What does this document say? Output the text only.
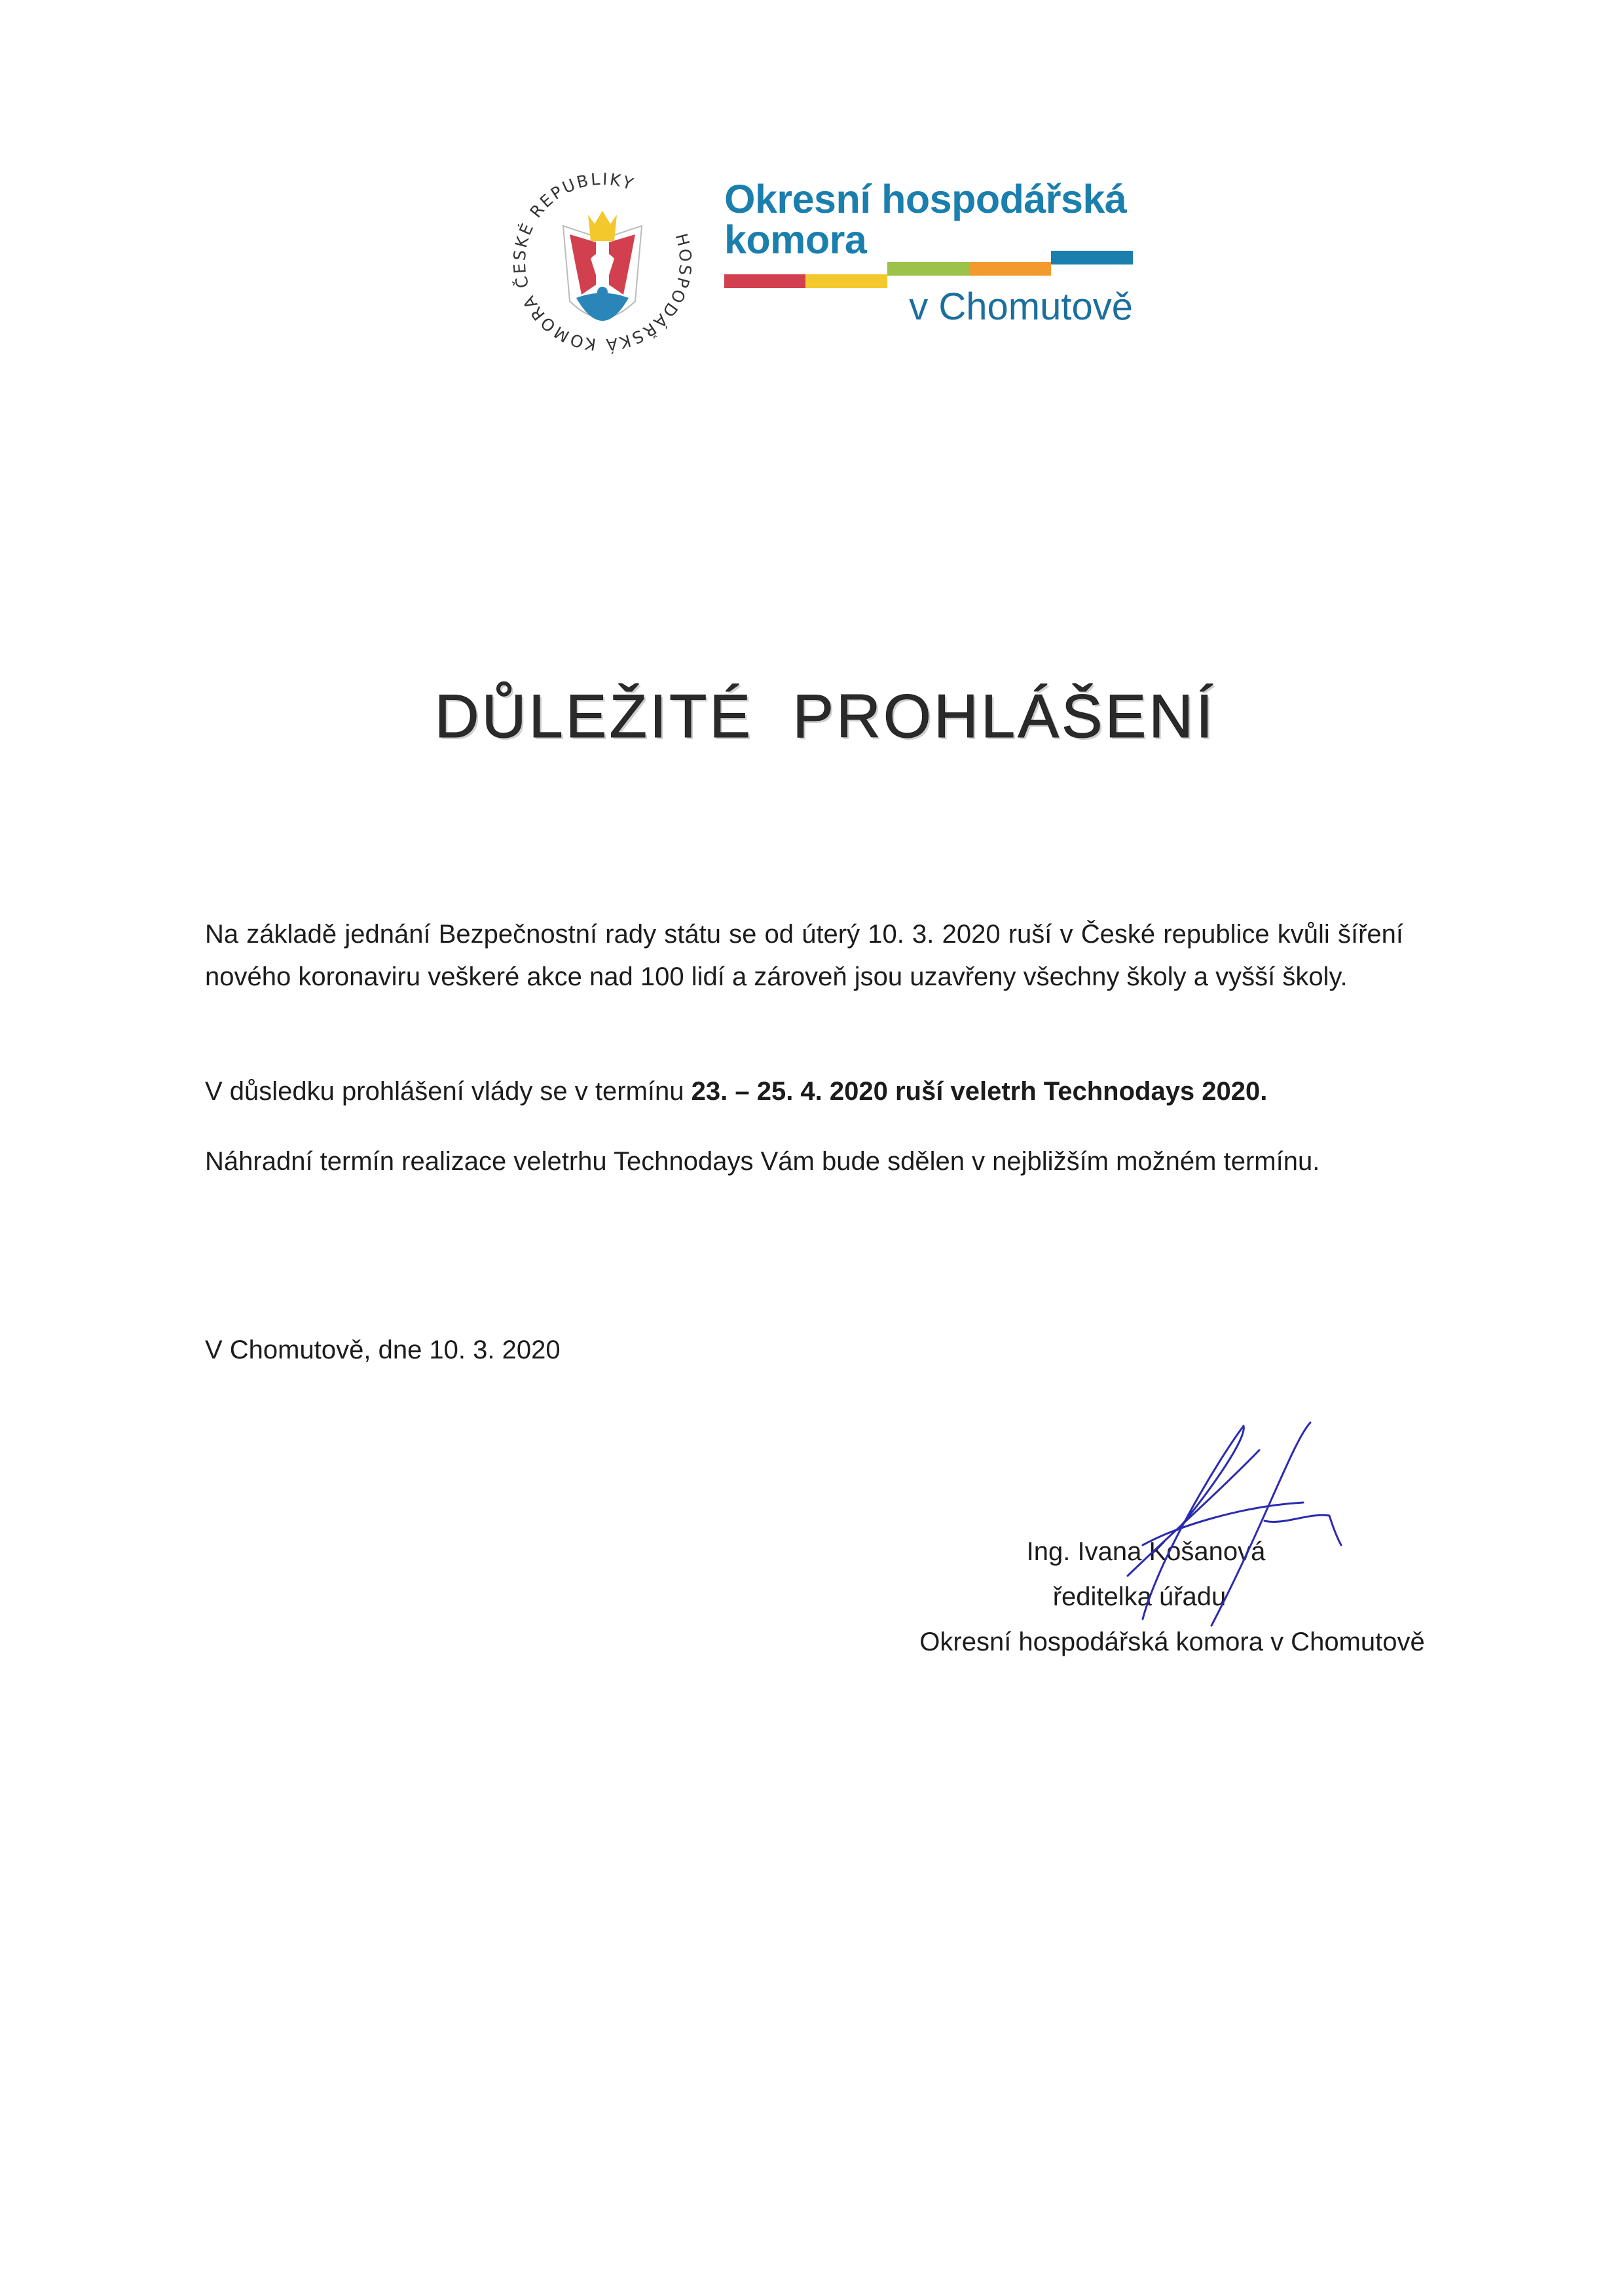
HOSPODÁŘSKÁ KOMORA ČESKÉ REPUBLIKY	Okresní hospodářská
komora
v Chomutově
DŮLEŽITÉ  PROHLÁŠENÍ
Na základě jednání Bezpečnostní rady státu se od úterý 10. 3. 2020 ruší v České republice kvůli šíření nového koronaviru veškeré akce nad 100 lidí a zároveň jsou uzavřeny všechny školy a vyšší školy.
V důsledku prohlášení vlády se v termínu 23. – 25. 4. 2020 ruší veletrh Technodays 2020.
Náhradní termín realizace veletrhu Technodays Vám bude sdělen v nejbližším možném termínu.
V Chomutově, dne 10. 3. 2020
Ing. Ivana Košanová
ředitelka úřadu
Okresní hospodářská komora v Chomutově
